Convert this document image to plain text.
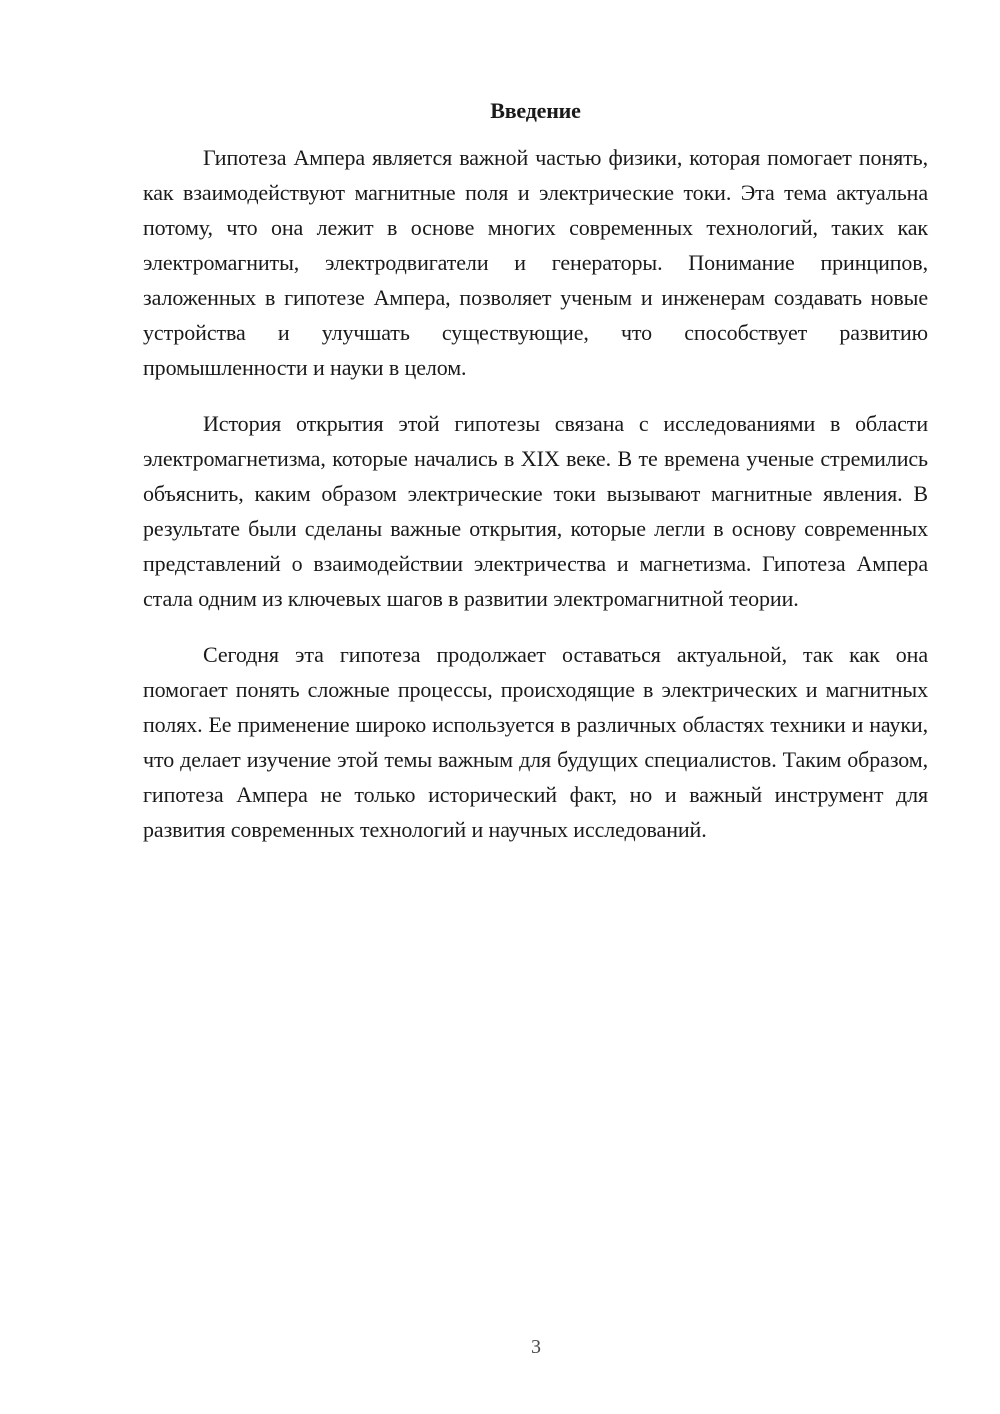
Введение

Гипотеза Ампера является важной частью физики, которая помогает понять, как взаимодействуют магнитные поля и электрические токи. Эта тема актуальна потому, что она лежит в основе многих современных технологий, таких как электромагниты, электродвигатели и генераторы. Понимание принципов, заложенных в гипотезе Ампера, позволяет ученым и инженерам создавать новые устройства и улучшать существующие, что способствует развитию промышленности и науки в целом.

История открытия этой гипотезы связана с исследованиями в области электромагнетизма, которые начались в XIX веке. В те времена ученые стремились объяснить, каким образом электрические токи вызывают магнитные явления. В результате были сделаны важные открытия, которые легли в основу современных представлений о взаимодействии электричества и магнетизма. Гипотеза Ампера стала одним из ключевых шагов в развитии электромагнитной теории.

Сегодня эта гипотеза продолжает оставаться актуальной, так как она помогает понять сложные процессы, происходящие в электрических и магнитных полях. Ее применение широко используется в различных областях техники и науки, что делает изучение этой темы важным для будущих специалистов. Таким образом, гипотеза Ампера не только исторический факт, но и важный инструмент для развития современных технологий и научных исследований.

3
